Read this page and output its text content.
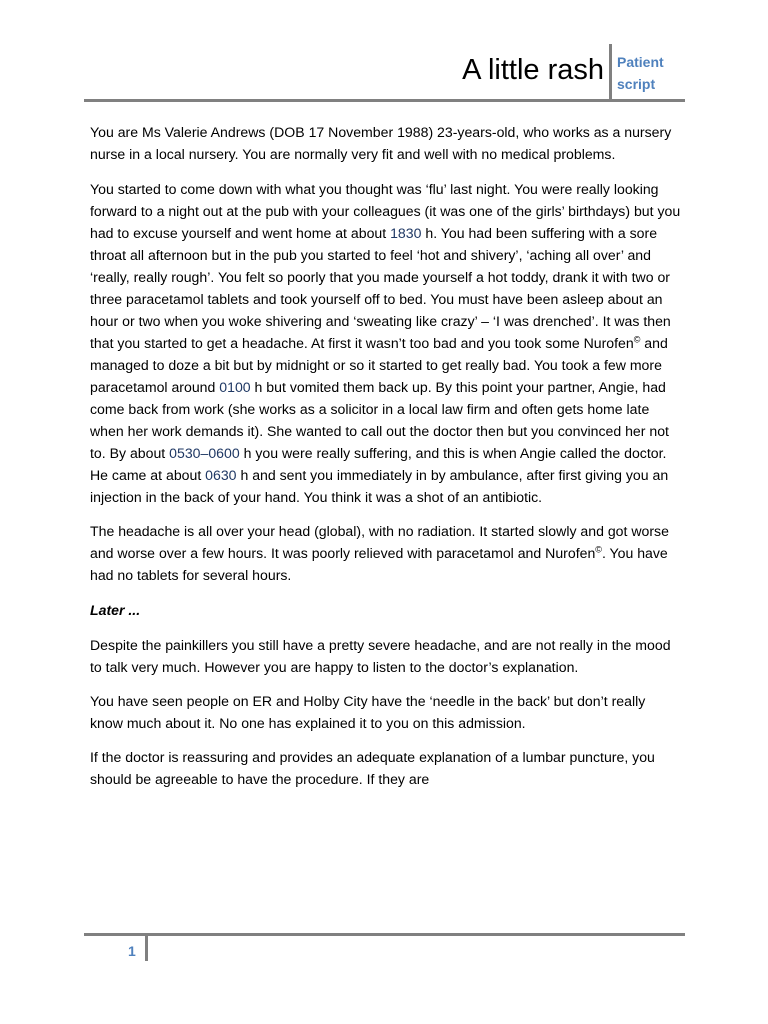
A little rash Patient
script

You are Ms Valerie Andrews (DOB 17 November 1988) 23-years-old, who works as a nursery nurse in a local nursery. You are normally very fit and well with no medical problems.

You started to come down with what you thought was ‘flu’ last night. You were really looking forward to a night out at the pub with your colleagues (it was one of the girls’ birthdays) but you had to excuse yourself and went home at about 1830 h. You had been suffering with a sore throat all afternoon but in the pub you started to feel ‘hot and shivery’, ‘aching all over’ and ‘really, really rough’. You felt so poorly that you made yourself a hot toddy, drank it with two or three paracetamol tablets and took yourself off to bed. You must have been asleep about an hour or two when you woke shivering and ‘sweating like crazy’ – ‘I was drenched’. It was then that you started to get a headache. At first it wasn’t too bad and you took some Nurofen© and managed to doze a bit but by midnight or so it started to get really bad. You took a few more paracetamol around 0100 h but vomited them back up. By this point your partner, Angie, had come back from work (she works as a solicitor in a local law firm and often gets home late when her work demands it). She wanted to call out the doctor then but you convinced her not to. By about 0530–0600 h you were really suffering, and this is when Angie called the doctor. He came at about 0630 h and sent you immediately in by ambulance, after first giving you an injection in the back of your hand. You think it was a shot of an antibiotic.

The headache is all over your head (global), with no radiation. It started slowly and got worse and worse over a few hours. It was poorly relieved with paracetamol and Nurofen©. You have had no tablets for several hours.

Later ...

Despite the painkillers you still have a pretty severe headache, and are not really in the mood to talk very much. However you are happy to listen to the doctor’s explanation.

You have seen people on ER and Holby City have the ‘needle in the back’ but don’t really know much about it. No one has explained it to you on this admission.

If the doctor is reassuring and provides an adequate explanation of a lumbar puncture, you should be agreeable to have the procedure. If they are

1
